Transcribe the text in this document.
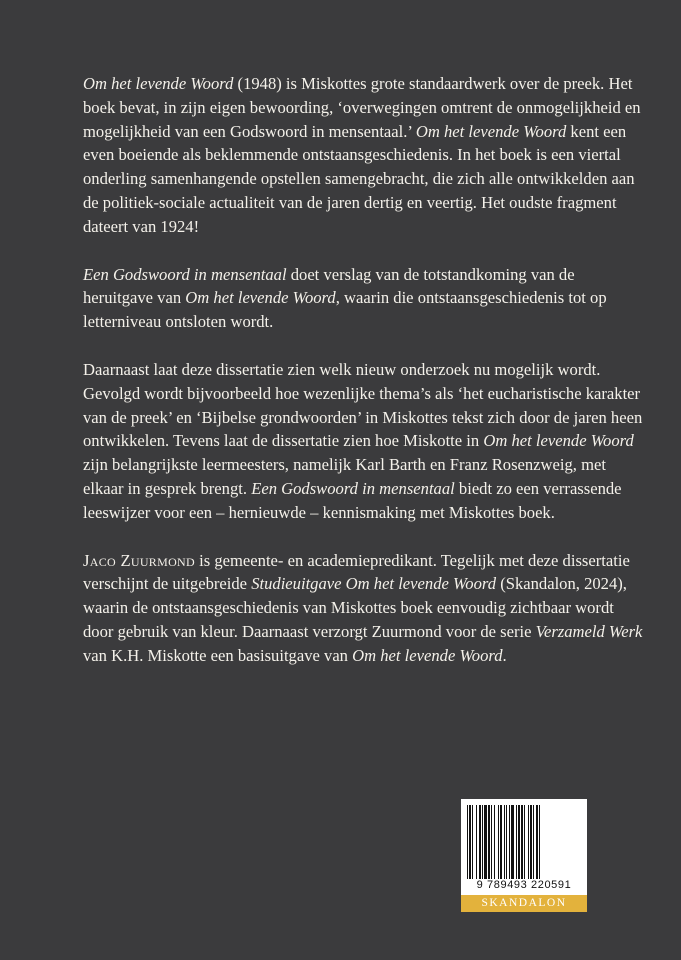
Om het levende Woord (1948) is Miskottes grote standaardwerk over de preek. Het boek bevat, in zijn eigen bewoording, ‘overwegingen omtrent de onmogelijkheid en mogelijkheid van een Godswoord in mensentaal.’ Om het levende Woord kent een even boeiende als beklemmende ontstaansgeschiedenis. In het boek is een viertal onderling samenhangende opstellen samengebracht, die zich alle ontwikkelden aan de politiek-sociale actualiteit van de jaren dertig en veertig. Het oudste fragment dateert van 1924!

Een Godswoord in mensentaal doet verslag van de totstandkoming van de heruitgave van Om het levende Woord, waarin die ontstaansgeschiedenis tot op letterniveau ontsloten wordt.

Daarnaast laat deze dissertatie zien welk nieuw onderzoek nu mogelijk wordt. Gevolgd wordt bijvoorbeeld hoe wezenlijke thema’s als ‘het eucharistische karakter van de preek’ en ‘Bijbelse grondwoorden’ in Miskottes tekst zich door de jaren heen ontwikkelen. Tevens laat de dissertatie zien hoe Miskotte in Om het levende Woord zijn belangrijkste leermeesters, namelijk Karl Barth en Franz Rosenzweig, met elkaar in gesprek brengt. Een Godswoord in mensentaal biedt zo een verrassende leeswijzer voor een – hernieuwde – kennismaking met Miskottes boek.

Jaco Zuurmond is gemeente- en academiepredikant. Tegelijk met deze dissertatie verschijnt de uitgebreide Studieuitgave Om het levende Woord (Skandalon, 2024), waarin de ontstaansgeschiedenis van Miskottes boek eenvoudig zichtbaar wordt door gebruik van kleur. Daarnaast verzorgt Zuurmond voor de serie Verzameld Werk van K.H. Miskotte een basisuitgave van Om het levende Woord.

9 789493 220591
SKANDALON
